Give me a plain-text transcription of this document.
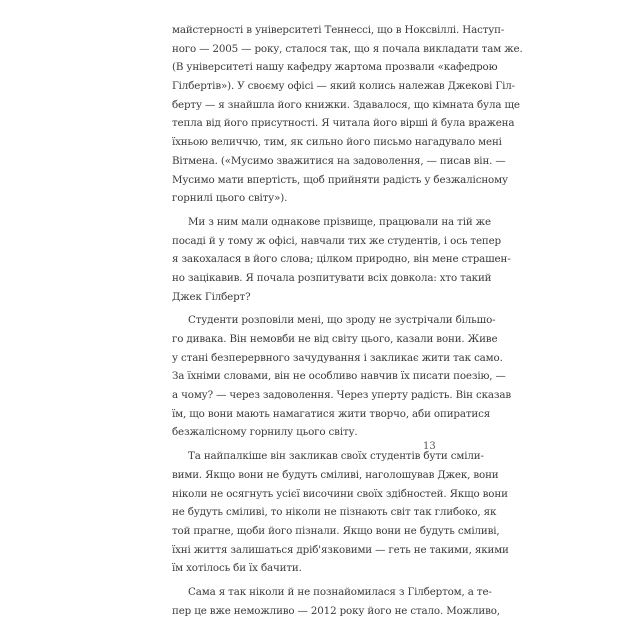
майстерності в університеті Теннессі, що в Ноксвіллі. Наступ-
ного — 2005 — року, сталося так, що я почала викладати там же.
(В університеті нашу кафедру жартома прозвали «кафедрою
Гілбертів»). У своєму офісі — який колись належав Джекові Гіл-
берту — я знайшла його книжки. Здавалося, що кімната була ще
тепла від його присутності. Я читала його вірші й була вражена
їхньою величчю, тим, як сильно його письмо нагадувало мені
Вітмена. («Мусимо зважитися на задоволення, — писав він. —
Мусимо мати впертість, щоб прийняти радість у безжалісному
горнилі цього світу»).
Ми з ним мали однакове прізвище, працювали на тій же
посаді й у тому ж офісі, навчали тих же студентів, і ось тепер
я закохалася в його слова; цілком природно, він мене страшен-
но зацікавив. Я почала розпитувати всіх довкола: хто такий
Джек Гілберт?
Студенти розповіли мені, що зроду не зустрічали більшо-
го дивака. Він немовби не від світу цього, казали вони. Живе
у стані безперервного зачудування і закликає жити так само.
За їхніми словами, він не особливо навчив їх писати поезію, —
а чому? — через задоволення. Через уперту радість. Він сказав
їм, що вони мають намагатися жити творчо, аби опиратися
безжалісному горнилу цього світу.
Та найпалкіше він закликав своїх студентів бути сміли-
вими. Якщо вони не будуть сміливі, наголошував Джек, вони
ніколи не осягнуть усієї височини своїх здібностей. Якщо вони
не будуть сміливі, то ніколи не пізнають світ так глибоко, як
той прагне, щоби його пізнали. Якщо вони не будуть сміливі,
їхні життя залишаться дріб'язковими — геть не такими, якими
їм хотілось би їх бачити.
Сама я так ніколи й не познайомилася з Гілбертом, а те-
пер це вже неможливо — 2012 року його не стало. Можливо,
13
